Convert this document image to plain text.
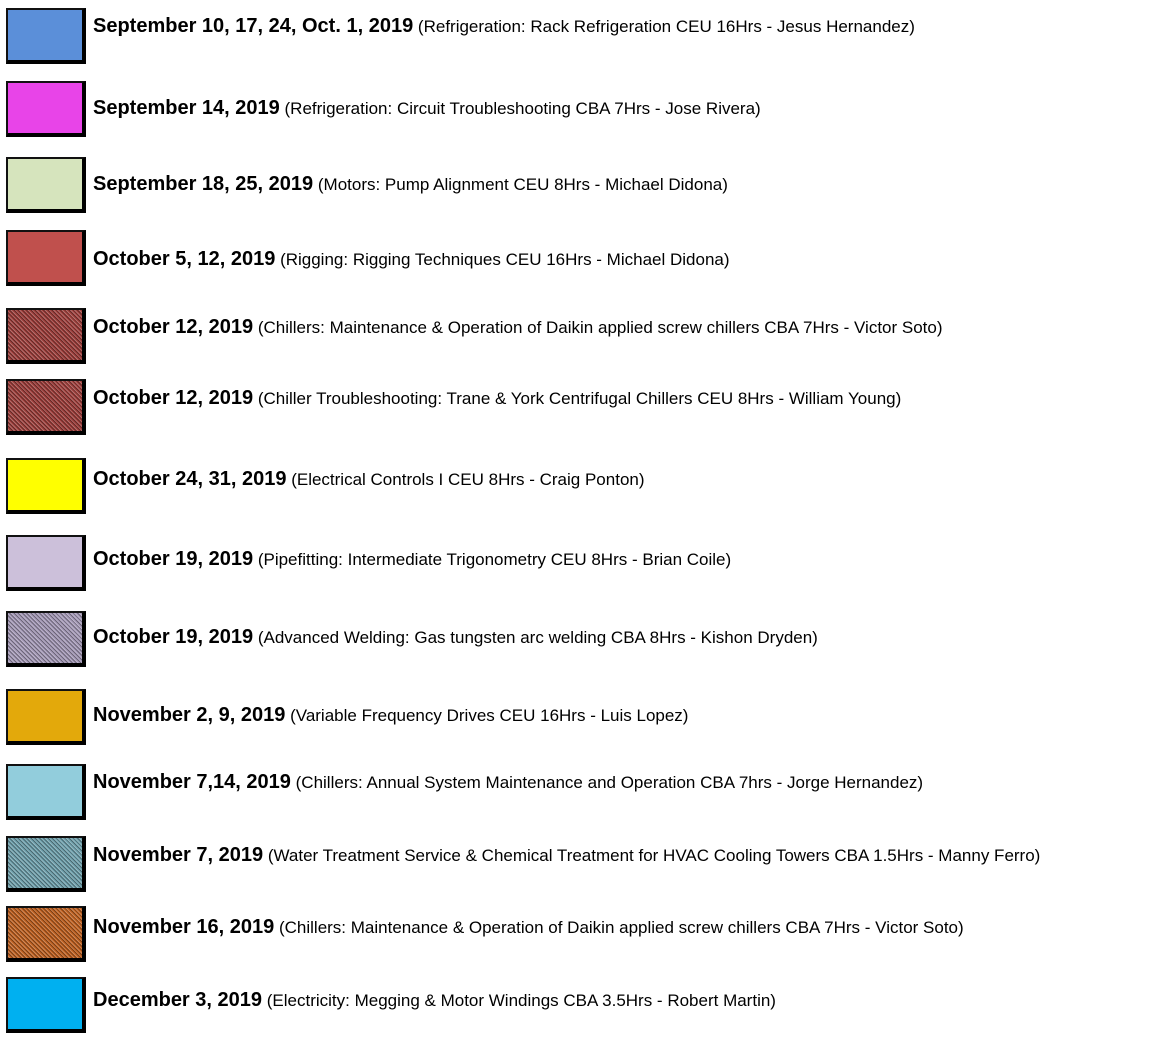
September 10, 17, 24, Oct. 1, 2019 (Refrigeration: Rack Refrigeration CEU 16Hrs - Jesus Hernandez)
September 14, 2019 (Refrigeration: Circuit Troubleshooting CBA 7Hrs - Jose Rivera)
September 18, 25, 2019 (Motors: Pump Alignment CEU 8Hrs - Michael Didona)
October 5, 12, 2019 (Rigging: Rigging Techniques CEU 16Hrs - Michael Didona)
October 12, 2019 (Chillers: Maintenance & Operation of Daikin applied screw chillers CBA 7Hrs - Victor Soto)
October 12, 2019 (Chiller Troubleshooting: Trane & York Centrifugal Chillers CEU 8Hrs - William Young)
October 24, 31, 2019 (Electrical Controls I CEU 8Hrs - Craig Ponton)
October 19, 2019 (Pipefitting: Intermediate Trigonometry CEU 8Hrs - Brian Coile)
October 19, 2019 (Advanced Welding: Gas tungsten arc welding CBA 8Hrs - Kishon Dryden)
November 2, 9, 2019 (Variable Frequency Drives CEU 16Hrs - Luis Lopez)
November 7,14, 2019 (Chillers: Annual System Maintenance and Operation CBA 7hrs - Jorge Hernandez)
November 7, 2019 (Water Treatment Service & Chemical Treatment for HVAC Cooling Towers CBA 1.5Hrs - Manny Ferro)
November 16, 2019 (Chillers: Maintenance & Operation of Daikin applied screw chillers CBA 7Hrs - Victor Soto)
December 3, 2019 (Electricity: Megging & Motor Windings CBA 3.5Hrs - Robert Martin)
